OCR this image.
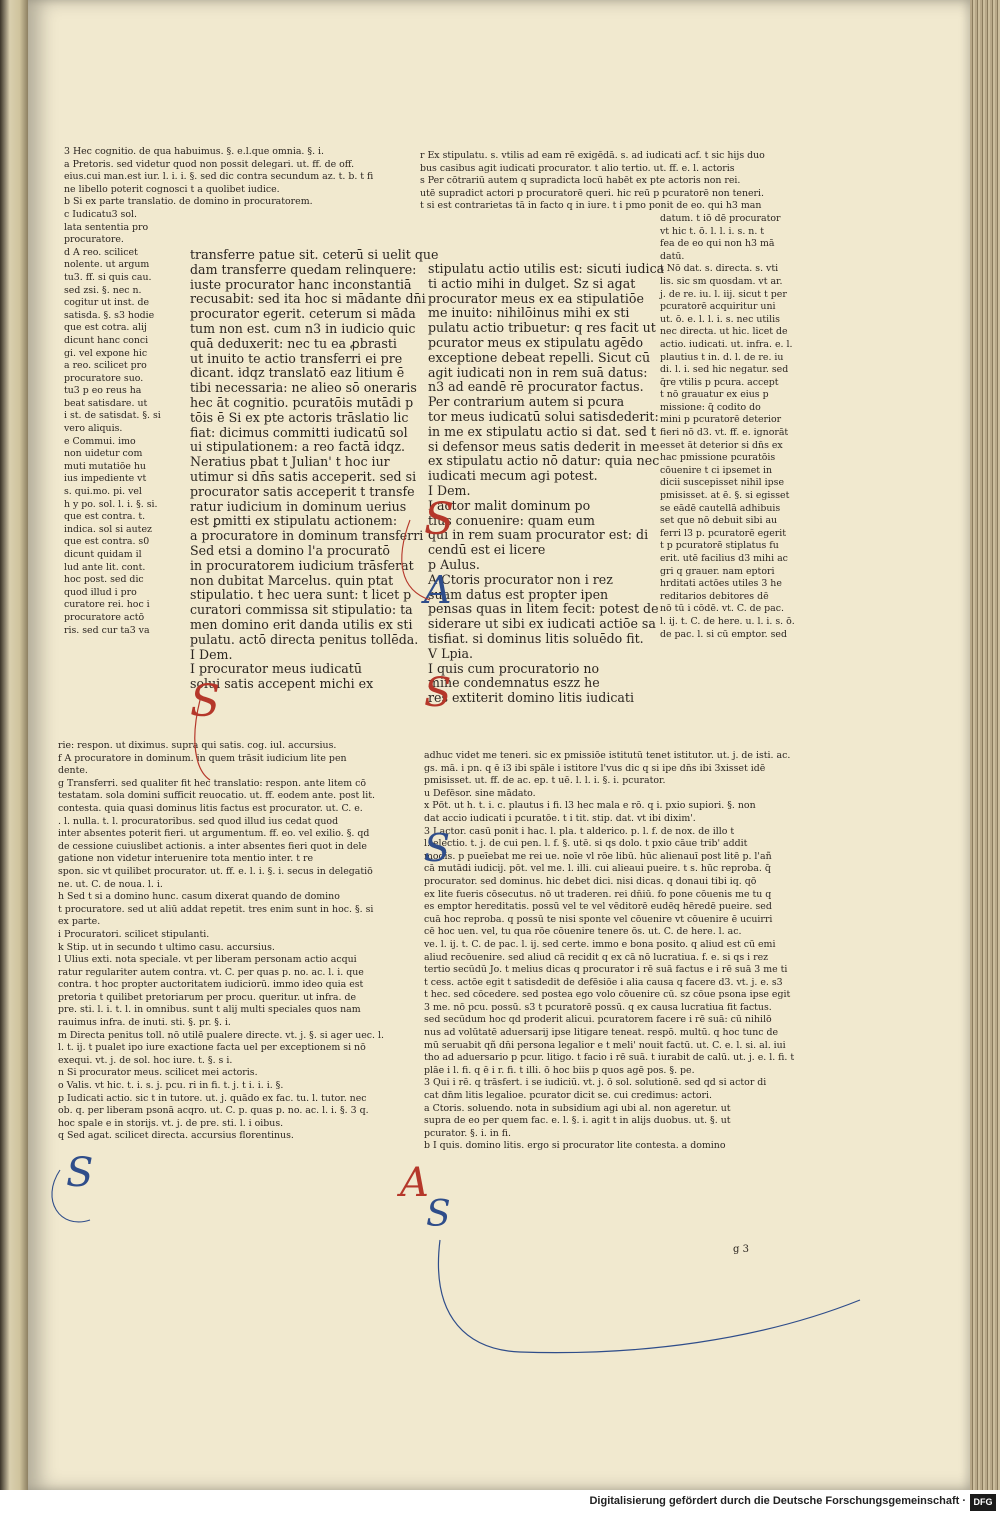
3 Hec cognitio. de qua habuimus. §. e.l.que omnia. §. i.
a Pretoris. sed videtur quod non possit delegari. ut. ff. de off.
eius.cui man.est iur. l. i. i. §. sed dic contra secundum az. t. b. t fi
ne libello poterit cognosci t a quolibet iudice.
b Si ex parte translatio. de domino in procuratorem.
c Iudicatu3 sol.
lata sententia pro
procuratore.
d A reo. scilicet
nolente. ut argum
tu3. ff. si quis cau.
sed zsi. §. nec n.
cogitur ut inst. de
satisda. §. s3 hodie
que est cotra. alij
dicunt hanc conci
gi. vel expone hic
a reo. scilicet pro
procuratore suo.
tu3 p eo reus ha
beat satisdare. ut
i st. de satisdat. §. si
vero aliquis.
e Commui. imo
non uidetur com
muti mutatiōe hu
ius impediente vt
s. qui.mo. pi. vel
h y po. sol. l. i. §. si.
que est contra. t.
indica. sol si autez
que est contra. s0
dicunt quidam il
lud ante lit. cont.
hoc post. sed dic
quod illud i pro
curatore rei. hoc i
procuratore actō
ris. sed cur ta3 va
transferre patue sit. ceterū si uelit que
dam transferre quedam relinquere:
iuste procurator hanc inconstantiā
recusabit: sed ita hoc si mādante dn̄i
procurator egerit. ceterum si māda
tum non est. cum n3 in iudicio quic
quā deduxerit: nec tu ea ꝓbrasti
ut inuito te actio transferri ei pre
dicant. idqz translatō eaz litium ē
tibi necessaria: ne alieo sō oneraris
hec āt cognitio. pcuratōis mutādi p
tōis ē Si ex pte actoris trāslatio lic
fiat: dicimus committi iudicatū sol
ui stipulationem: a reo factā idqz.
Neratius pbat t Julian' t hoc iur
utimur si dn̄s satis acceperit. sed si
procurator satis acceperit t transfe
ratur iudicium in dominum uerius
est ꝑmitti ex stipulatu actionem:
a procuratore in dominum transferri
Sed etsi a domino l'a procuratō
in procuratorem iudicium trāsferat
non dubitat Marcelus. quin ptat
stipulatio. t hec uera sunt: t licet p
curatori commissa sit stipulatio: ta
men domino erit danda utilis ex sti
pulatu. actō directa penitus tollēda.
I Dem.
I procurator meus iudicatū
solui satis accepent michi ex
stipulatu actio utilis est: sicuti iudica
ti actio mihi in dulget. Sz si agat
procurator meus ex ea stipulatiōe
me inuito: nihilōinus mihi ex sti
pulatu actio tribuetur: q res facit ut
pcurator meus ex stipulatu agēdo
exceptione debeat repelli. Sicut cū
agit iudicati non in rem suā datus:
n3 ad eandē rē procurator factus.
Per contrarium autem si pcura
tor meus iudicatū solui satisdederit:
in me ex stipulatu actio si dat. sed t
si defensor meus satis dederit in me
ex stipulatu actio nō datur: quia nec
iudicati mecum agi potest.
I Dem.
I actor malit dominum po
tius conuenire: quam eum
qui in rem suam procurator est: di
cendū est ei licere
p Aulus.
A Ctoris procurator non i rez
suam datus est propter ipen
pensas quas in litem fecit: potest de
siderare ut sibi ex iudicati actiōe sa
tisfiat. si dominus litis soluēdo fit.
V Lpia.
I quis cum procuratorio no
mine condemnatus eszz he
res extiterit domino litis iudicati
r Ex stipulatu. s. vtilis ad eam rē exigēdā. s. ad iudicati acf. t sic hijs duo
bus casibus agit iudicati procurator. t alio tertio. ut. ff. e. l. actoris
s Per cōtrariū autem q supradicta locū habēt ex pte actoris non rei.
utē supradict actori p procuratorē queri. hic reū p pcuratorē non teneri.
t si est contrarietas tā in facto q in iure. t i pmo ponit de eo. qui h3 man
datum. t iō dē procurator
vt hic t. ō. l. l. i. s. n. t
fea de eo qui non h3 mā
datū.
t Nō dat. s. directa. s. vti
lis. sic sm quosdam. vt ar.
j. de re. iu. l. iij. sicut t per
pcuratorē acquiritur uni
ut. ō. e. l. l. i. s. nec utilis
nec directa. ut hic. licet de
actio. iudicati. ut. infra. e. l.
plautius t in. d. l. de re. iu
di. l. i. sed hic negatur. sed
q̄re vtilis p pcura. accept
t nō grauatur ex eius p
missione: q̄ codito do
mini p pcuratorē deterior
fieri nō d3. vt. ff. e. ignorāt
esset āt deterior si dn̄s ex
hac pmissione pcuratōis
cōuenire t ci ipsemet in
dicii suscepisset nihil ipse
pmisisset. at ē. §. si egisset
se eādē cautellā adhibuis
set que nō debuit sibi au
ferri l3 p. pcuratorē egerit
t p pcuratorē stiplatus fu
erit. utē facilius d3 mihi ac
gri q grauer. nam eptori
hrditati actōes utiles 3 he
reditarios debitores dē
nō tū i cōdē. vt. C. de pac.
l. ij. t. C. de here. u. l. i. s. ō.
de pac. l. si cū emptor. sed
rie: respon. ut diximus. supra qui satis. cog. iul. accursius.
f A procuratore in dominum. in quem trāsit iudicium lite pen
dente.
g Transferri. sed qualiter fit hec translatio: respon. ante litem cō
testatam. sola domini sufficit reuocatio. ut. ff. eodem ante. post lit.
contesta. quia quasi dominus litis factus est procurator. ut. C. e.
. l. nulla. t. l. procuratoribus. sed quod illud ius cedat quod
inter absentes poterit fieri. ut argumentum. ff. eo. vel exilio. §. qd
de cessione cuiuslibet actionis. a inter absentes fieri quot in dele
gatione non videtur interuenire tota mentio inter. t re
spon. sic vt quilibet procurator. ut. ff. e. l. i. §. i. secus in delegatiō
ne. ut. C. de noua. l. i.
h Sed t si a domino hunc. casum dixerat quando de domino
t procuratore. sed ut aliū addat repetit. tres enim sunt in hoc. §. si
ex parte.
i Procuratori. scilicet stipulanti.
k Stip. ut in secundo t ultimo casu. accursius.
l Ulius exti. nota speciale. vt per liberam personam actio acqui
ratur regulariter autem contra. vt. C. per quas p. no. ac. l. i. que
contra. t hoc propter auctoritatem iudiciorū. immo ideo quia est
pretoria t quilibet pretoriarum per procu. queritur. ut infra. de
pre. sti. l. i. t. l. in omnibus. sunt t alij multi speciales quos nam
rauimus infra. de inuti. sti. §. pr. §. i.
m Directa penitus toll. nō utilē pualere directe. vt. j. §. si ager uec. l.
l. t. ij. t pualet ipo iure exactione facta uel per exceptionem si nō
exequi. vt. j. de sol. hoc iure. t. §. s i.
n Si procurator meus. scilicet mei actoris.
o Valis. vt hic. t. i. s. j. pcu. ri in fi. t. j. t i. i. i. §.
p Iudicati actio. sic t in tutore. ut. j. quādo ex fac. tu. l. tutor. nec
ob. q. per liberam psonā acqro. ut. C. p. quas p. no. ac. l. i. §. 3 q.
hoc spale e in storijs. vt. j. de pre. sti. l. i oibus.
q Sed agat. scilicet directa. accursius florentinus.
adhuc videt me teneri. sic ex pmissiōe istitutū tenet istitutor. ut. j. de isti. ac.
gs. mā. i pn. q ē i3 ibi spāle i istitore l'vus dic q si ipe dn̄s ibi 3xisset idē
pmisisset. ut. ff. de ac. ep. t uē. l. l. i. §. i. pcurator.
u Defēsor. sine mādato.
x Pōt. ut h. t. i. c. plautus i fi. l3 hec mala e rō. q i. pxio supiori. §. non
dat accio iudicati i pcuratōe. t i tit. stip. dat. vt ibi dixim'.
3 I actor. casū ponit i hac. l. pla. t alderico. p. l. f. de nox. de illo t
l. electio. t. j. de cui pen. l. f. §. utē. si qs dolo. t pxio cāue trib' addit
modis. p pueīebat me rei ue. noīe vl rōe libū. hūc alienauī post litē p. l'añ
cā mutādi iudicij. pōt. vel me. l. illi. cui alieaui pueire. t s. hūc reproba. q̄
procurator. sed dominus. hic debet dici. nisi dicas. q donaui tibi iq. qō
ex lite fueris cōsecutus. nō ut traderen. rei dn̄iū. fo pone cōuenis me tu q
es emptor hereditatis. possū vel te vel vēditorē eudēq hēredē pueire. sed
cuā hoc reproba. q possū te nisi sponte vel cōuenire vt cōuenire ē ucuirri
cē hoc uen. vel, tu qua rōe cōuenire tenere ōs. ut. C. de here. l. ac.
ve. l. ij. t. C. de pac. l. ij. sed certe. immo e bona posito. q aliud est cū emi
aliud recōuenire. sed aliud cā recidit q ex cā nō lucratiua. f. e. si qs i rez
tertio secūdū Jo. t melius dicas q procurator i rē suā factus e i rē suā 3 me ti
t cess. actōe egit t satisdedit de defēsiōe i alia causa q facere d3. vt. j. e. s3
t hec. sed cōcedere. sed postea ego volo cōuenire cū. sz cōue psona ipse egit
3 me. nō pcu. possū. s3 t pcuratorē possū. q ex causa lucratiua fit factus.
sed secūdum hoc qd proderit alicui. pcuratorem facere i rē suā: cū nihilō
nus ad volūtatē aduersarij ipse litigare teneat. respō. multū. q hoc tunc de
mū seruabit qñ dn̄i persona legalior e t meli' nouit factū. ut. C. e. l. si. al. iui
tho ad aduersario p pcur. litigo. t facio i rē suā. t iurabit de calū. ut. j. e. l. fi. t
plāe i l. fi. q ē i r. fi. t illi. ō hoc biis p quos agē pos. §. pe.
3 Qui i rē. q trāsfert. i se iudiciū. vt. j. ō sol. solutionē. sed qd si actor di
cat dn̄m litis legalioe. pcurator dicit se. cui credimus: actori.
a Ctoris. soluendo. nota in subsidium agi ubi al. non ageretur. ut
supra de eo per quem fac. e. l. §. i. agit t in alijs duobus. ut. §. ut
pcurator. §. i. in fi.
b I quis. domino litis. ergo si procurator lite contesta. a domino
S
S
A
S
S
S
A
S
g 3
Digitalisierung gefördert durch die Deutsche Forschungsgemeinschaft · DFG
